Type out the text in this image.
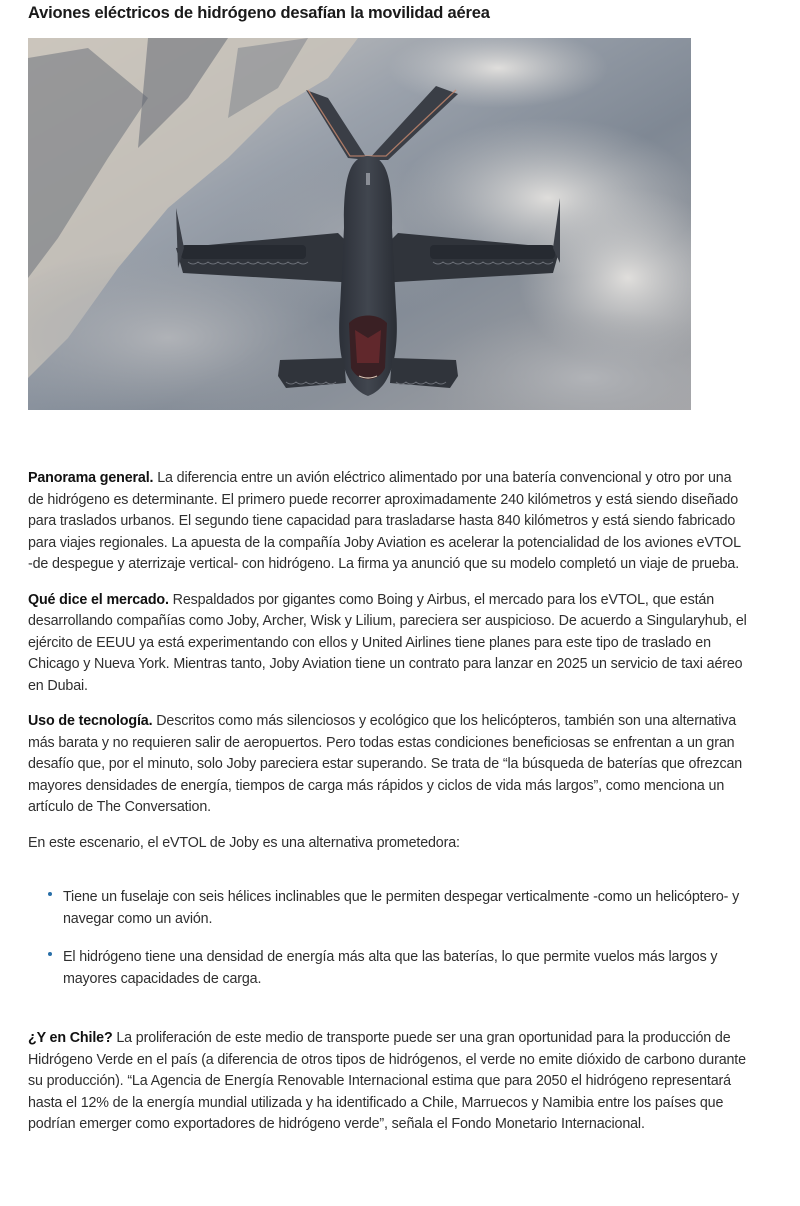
Aviones eléctricos de hidrógeno desafían la movilidad aérea

Panorama general. La diferencia entre un avión eléctrico alimentado por una batería convencional y otro por una de hidrógeno es determinante. El primero puede recorrer aproximadamente 240 kilómetros y está siendo diseñado para traslados urbanos. El segundo tiene capacidad para trasladarse hasta 840 kilómetros y está siendo fabricado para viajes regionales. La apuesta de la compañía Joby Aviation es acelerar la potencialidad de los aviones eVTOL -de despegue y aterrizaje vertical- con hidrógeno. La firma ya anunció que su modelo completó un viaje de prueba.

Qué dice el mercado. Respaldados por gigantes como Boing y Airbus, el mercado para los eVTOL, que están desarrollando compañías como Joby, Archer, Wisk y Lilium, pareciera ser auspicioso. De acuerdo a Singularyhub, el ejército de EEUU ya está experimentando con ellos y United Airlines tiene planes para este tipo de traslado en Chicago y Nueva York. Mientras tanto, Joby Aviation tiene un contrato para lanzar en 2025 un servicio de taxi aéreo en Dubai.

Uso de tecnología. Descritos como más silenciosos y ecológico que los helicópteros, también son una alternativa más barata y no requieren salir de aeropuertos. Pero todas estas condiciones beneficiosas se enfrentan a un gran desafío que, por el minuto, solo Joby pareciera estar superando. Se trata de “la búsqueda de baterías que ofrezcan mayores densidades de energía, tiempos de carga más rápidos y ciclos de vida más largos”, como menciona un artículo de The Conversation.

En este escenario, el eVTOL de Joby es una alternativa prometedora:

Tiene un fuselaje con seis hélices inclinables que le permiten despegar verticalmente -como un helicóptero- y navegar como un avión.
El hidrógeno tiene una densidad de energía más alta que las baterías, lo que permite vuelos más largos y mayores capacidades de carga.

¿Y en Chile? La proliferación de este medio de transporte puede ser una gran oportunidad para la producción de Hidrógeno Verde en el país (a diferencia de otros tipos de hidrógenos, el verde no emite dióxido de carbono durante su producción). “La Agencia de Energía Renovable Internacional estima que para 2050 el hidrógeno representará hasta el 12% de la energía mundial utilizada y ha identificado a Chile, Marruecos y Namibia entre los países que podrían emerger como exportadores de hidrógeno verde”, señala el Fondo Monetario Internacional.
